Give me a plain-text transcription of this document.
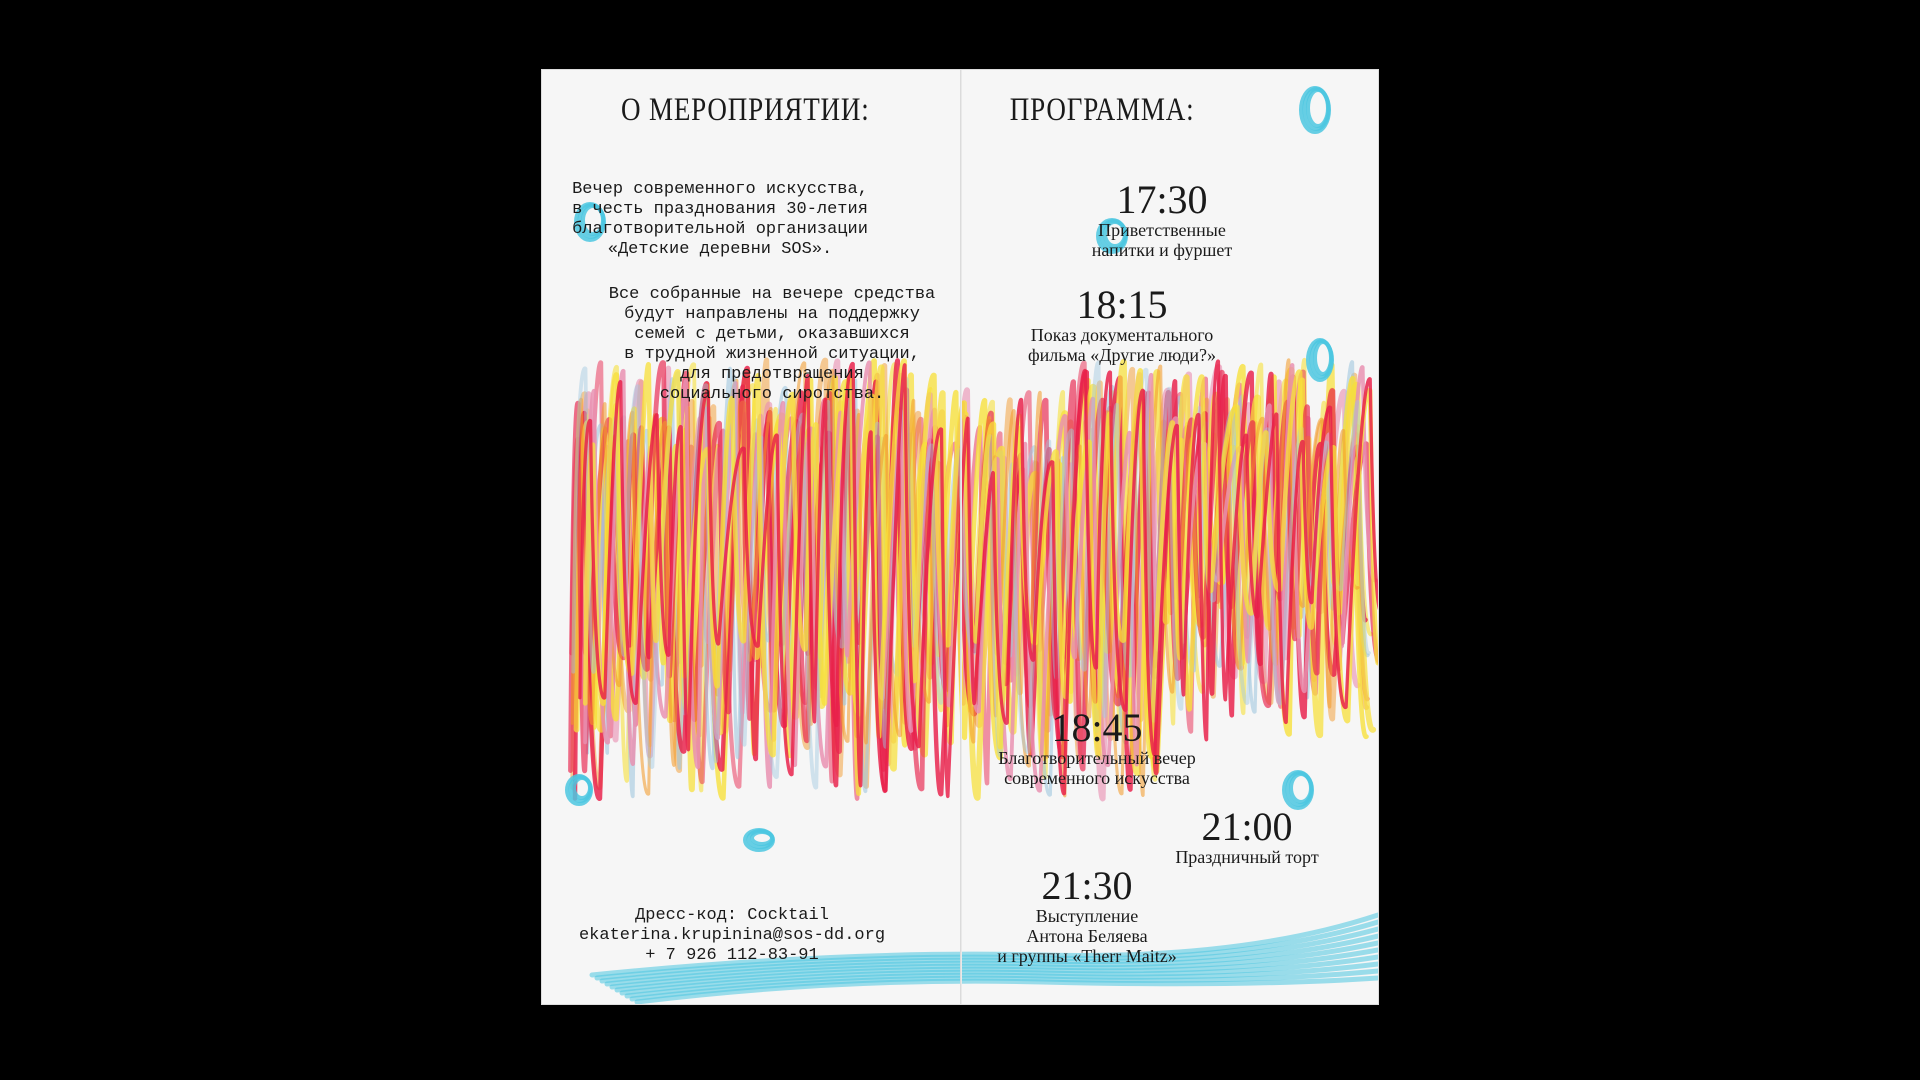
О МЕРОПРИЯТИИ:
Вечер современного искусства,
в честь празднования 30-летия
благотворительной организации
«Детские деревни SOS».
Все собранные на вечере средства
будут направлены на поддержку
семей с детьми, оказавшихся
в трудной жизненной ситуации,
для предотвращения
социального сиротства.
Дресс-код: Cocktail
ekaterina.krupinina@sos-dd.org
+ 7 926 112-83-91
ПРОГРАММА:
17:30
Приветственные
напитки и фуршет
18:15
Показ документального
фильма «Другие люди?»
18:45
Благотворительный вечер
современного искусства
21:00
Праздничный торт
21:30
Выступление
Антона Беляева
и группы «Therr Maitz»
